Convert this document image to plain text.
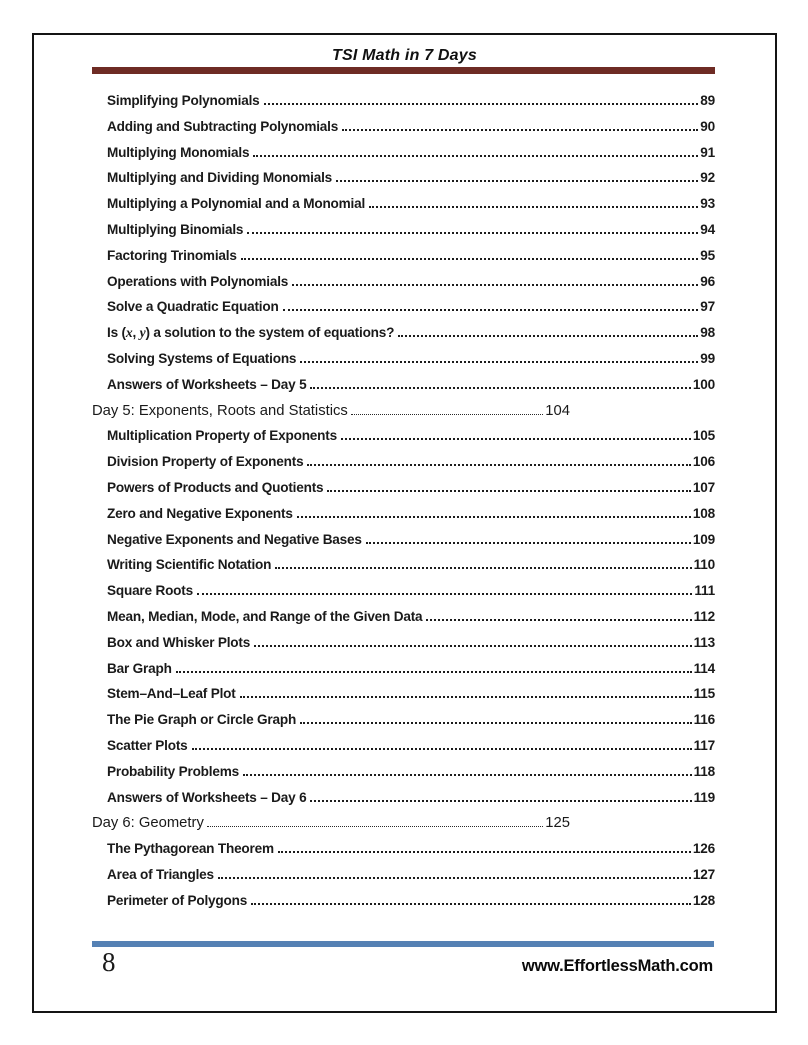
TSI Math in 7 Days
Simplifying Polynomials	89
Adding and Subtracting Polynomials	90
Multiplying Monomials	91
Multiplying and Dividing Monomials	92
Multiplying a Polynomial and a Monomial	93
Multiplying Binomials	94
Factoring Trinomials	95
Operations with Polynomials	96
Solve a Quadratic Equation	97
Is (x, y) a solution to the system of equations?	98
Solving Systems of Equations	99
Answers of Worksheets – Day 5	100
Day 5: Exponents, Roots and Statistics	104
Multiplication Property of Exponents	105
Division Property of Exponents	106
Powers of Products and Quotients	107
Zero and Negative Exponents	108
Negative Exponents and Negative Bases	109
Writing Scientific Notation	110
Square Roots	111
Mean, Median, Mode, and Range of the Given Data	112
Box and Whisker Plots	113
Bar Graph	114
Stem–And–Leaf Plot	115
The Pie Graph or Circle Graph	116
Scatter Plots	117
Probability Problems	118
Answers of Worksheets – Day 6	119
Day 6: Geometry	125
The Pythagorean Theorem	126
Area of Triangles	127
Perimeter of Polygons	128
8	www.EffortlessMath.com
